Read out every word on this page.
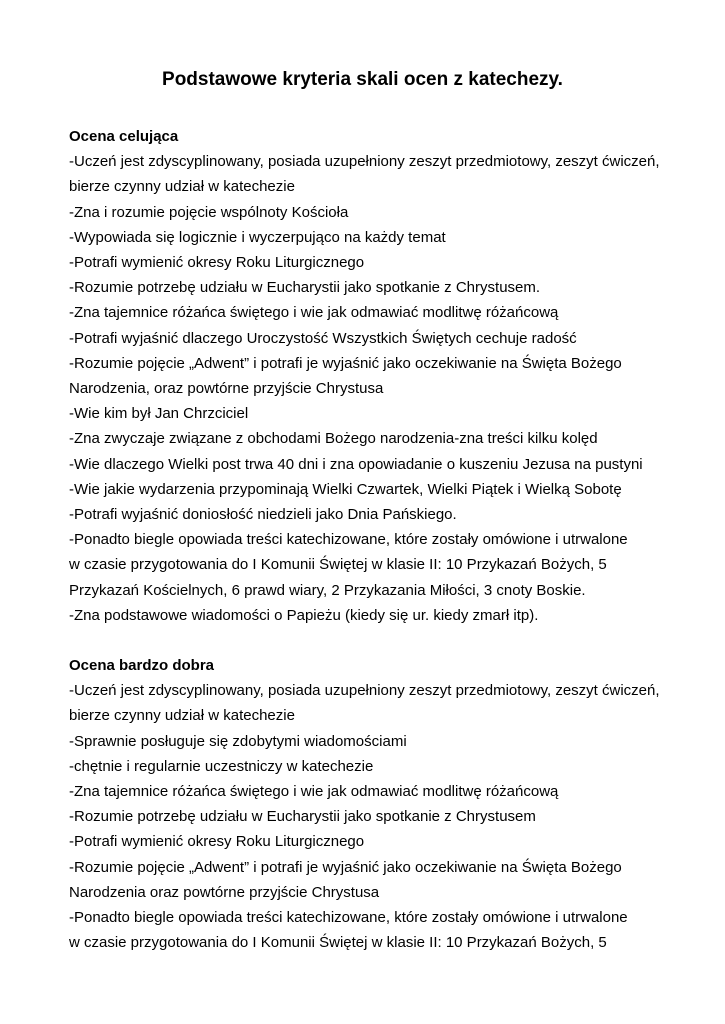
Podstawowe kryteria skali ocen z katechezy.
Ocena celująca
-Uczeń jest zdyscyplinowany, posiada uzupełniony zeszyt przedmiotowy, zeszyt ćwiczeń,
bierze czynny udział w katechezie
-Zna i rozumie pojęcie wspólnoty Kościoła
-Wypowiada się logicznie i wyczerpująco na każdy temat
-Potrafi wymienić okresy Roku Liturgicznego
-Rozumie potrzebę udziału w Eucharystii jako spotkanie z Chrystusem.
-Zna tajemnice różańca świętego i wie jak odmawiać modlitwę różańcową
-Potrafi wyjaśnić dlaczego Uroczystość Wszystkich Świętych cechuje radość
-Rozumie pojęcie „Adwent” i potrafi je wyjaśnić jako oczekiwanie na Święta Bożego
Narodzenia, oraz powtórne przyjście Chrystusa
-Wie kim był Jan Chrzciciel
-Zna zwyczaje związane z obchodami Bożego narodzenia-zna treści kilku kolęd
-Wie dlaczego Wielki post trwa 40 dni i zna opowiadanie o kuszeniu Jezusa na pustyni
-Wie jakie wydarzenia przypominają Wielki Czwartek, Wielki Piątek i Wielką Sobotę
-Potrafi wyjaśnić doniosłość niedzieli jako Dnia Pańskiego.
-Ponadto biegle opowiada treści katechizowane, które zostały omówione i utrwalone
w czasie przygotowania do I Komunii Świętej w klasie II: 10 Przykazań Bożych, 5
Przykazań Kościelnych, 6 prawd wiary, 2 Przykazania Miłości, 3 cnoty Boskie.
-Zna podstawowe wiadomości o Papieżu (kiedy się ur. kiedy zmarł itp).
Ocena bardzo dobra
-Uczeń jest zdyscyplinowany, posiada uzupełniony zeszyt przedmiotowy, zeszyt ćwiczeń,
bierze czynny udział w katechezie
-Sprawnie posługuje się zdobytymi wiadomościami
-chętnie i regularnie uczestniczy w katechezie
-Zna tajemnice różańca świętego i wie jak odmawiać modlitwę różańcową
-Rozumie potrzebę udziału w Eucharystii jako spotkanie z Chrystusem
-Potrafi wymienić okresy Roku Liturgicznego
-Rozumie pojęcie „Adwent” i potrafi je wyjaśnić jako oczekiwanie na Święta Bożego
Narodzenia oraz powtórne przyjście Chrystusa
-Ponadto biegle opowiada treści katechizowane, które zostały omówione i utrwalone
w czasie przygotowania do I Komunii Świętej w klasie II: 10 Przykazań Bożych, 5
